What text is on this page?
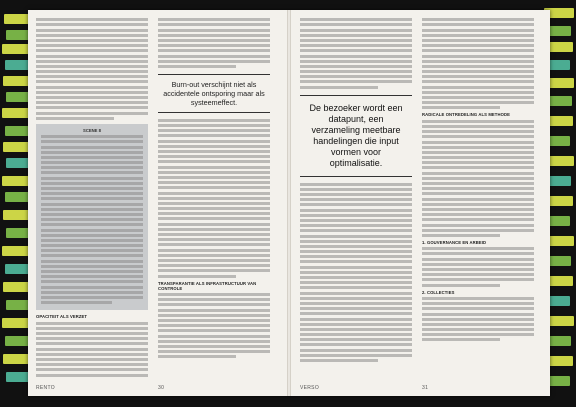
SCENE 8
OPACITEIT ALS VERZET
Burn-out verschijnt niet als accidentele ontsporing maar als systeemeffect.
TRANSPARANTIE ALS INFRASTRUCTUUR VAN CONTROLE
RENTO	30
De bezoeker wordt een datapunt, een verzameling meetbare handelingen die input vormen voor optimalisatie.
RADICALE ONTREDELING ALS METHODE
1. GOUVERNANCE EN ARBEID
2. COLLECTIES
VERSO	31
